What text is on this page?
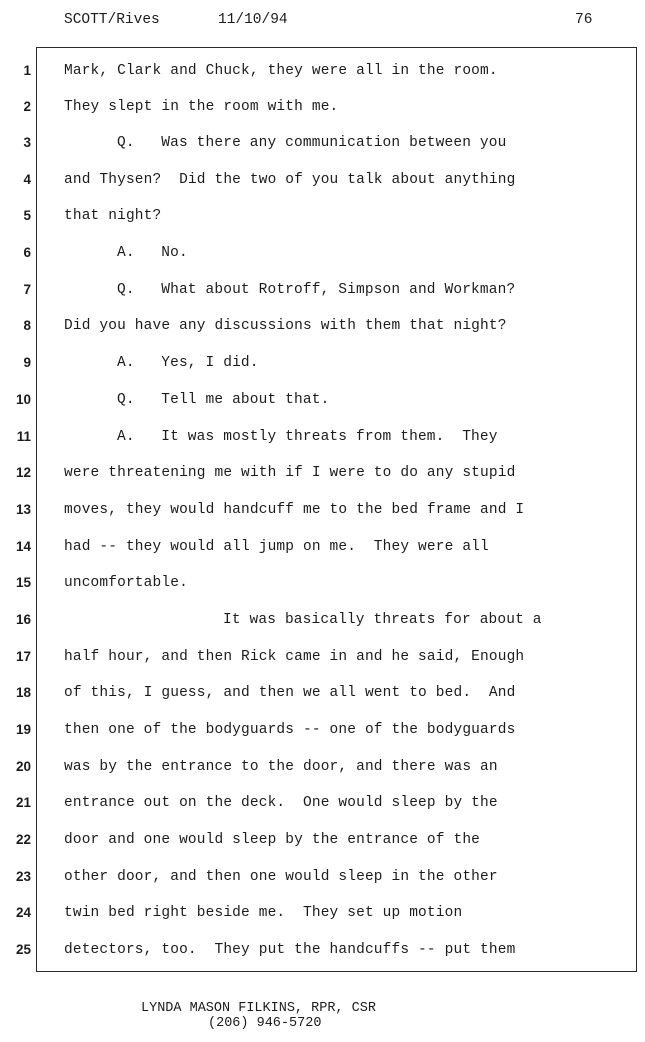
SCOTT/Rives	11/10/94	76
1 Mark, Clark and Chuck, they were all in the room.
2 They slept in the room with me.
3	Q.   Was there any communication between you
4 and Thysen?  Did the two of you talk about anything
5 that night?
6	A.   No.
7	Q.   What about Rotroff, Simpson and Workman?
8 Did you have any discussions with them that night?
9	A.   Yes, I did.
10	Q.   Tell me about that.
11	A.   It was mostly threats from them.  They
12 were threatening me with if I were to do any stupid
13 moves, they would handcuff me to the bed frame and I
14 had -- they would all jump on me.  They were all
15 uncomfortable.
16	It was basically threats for about a
17 half hour, and then Rick came in and he said, Enough
18 of this, I guess, and then we all went to bed.  And
19 then one of the bodyguards -- one of the bodyguards
20 was by the entrance to the door, and there was an
21 entrance out on the deck.  One would sleep by the
22 door and one would sleep by the entrance of the
23 other door, and then one would sleep in the other
24 twin bed right beside me.  They set up motion
25 detectors, too.  They put the handcuffs -- put them
LYNDA MASON FILKINS, RPR, CSR
(206) 946-5720
